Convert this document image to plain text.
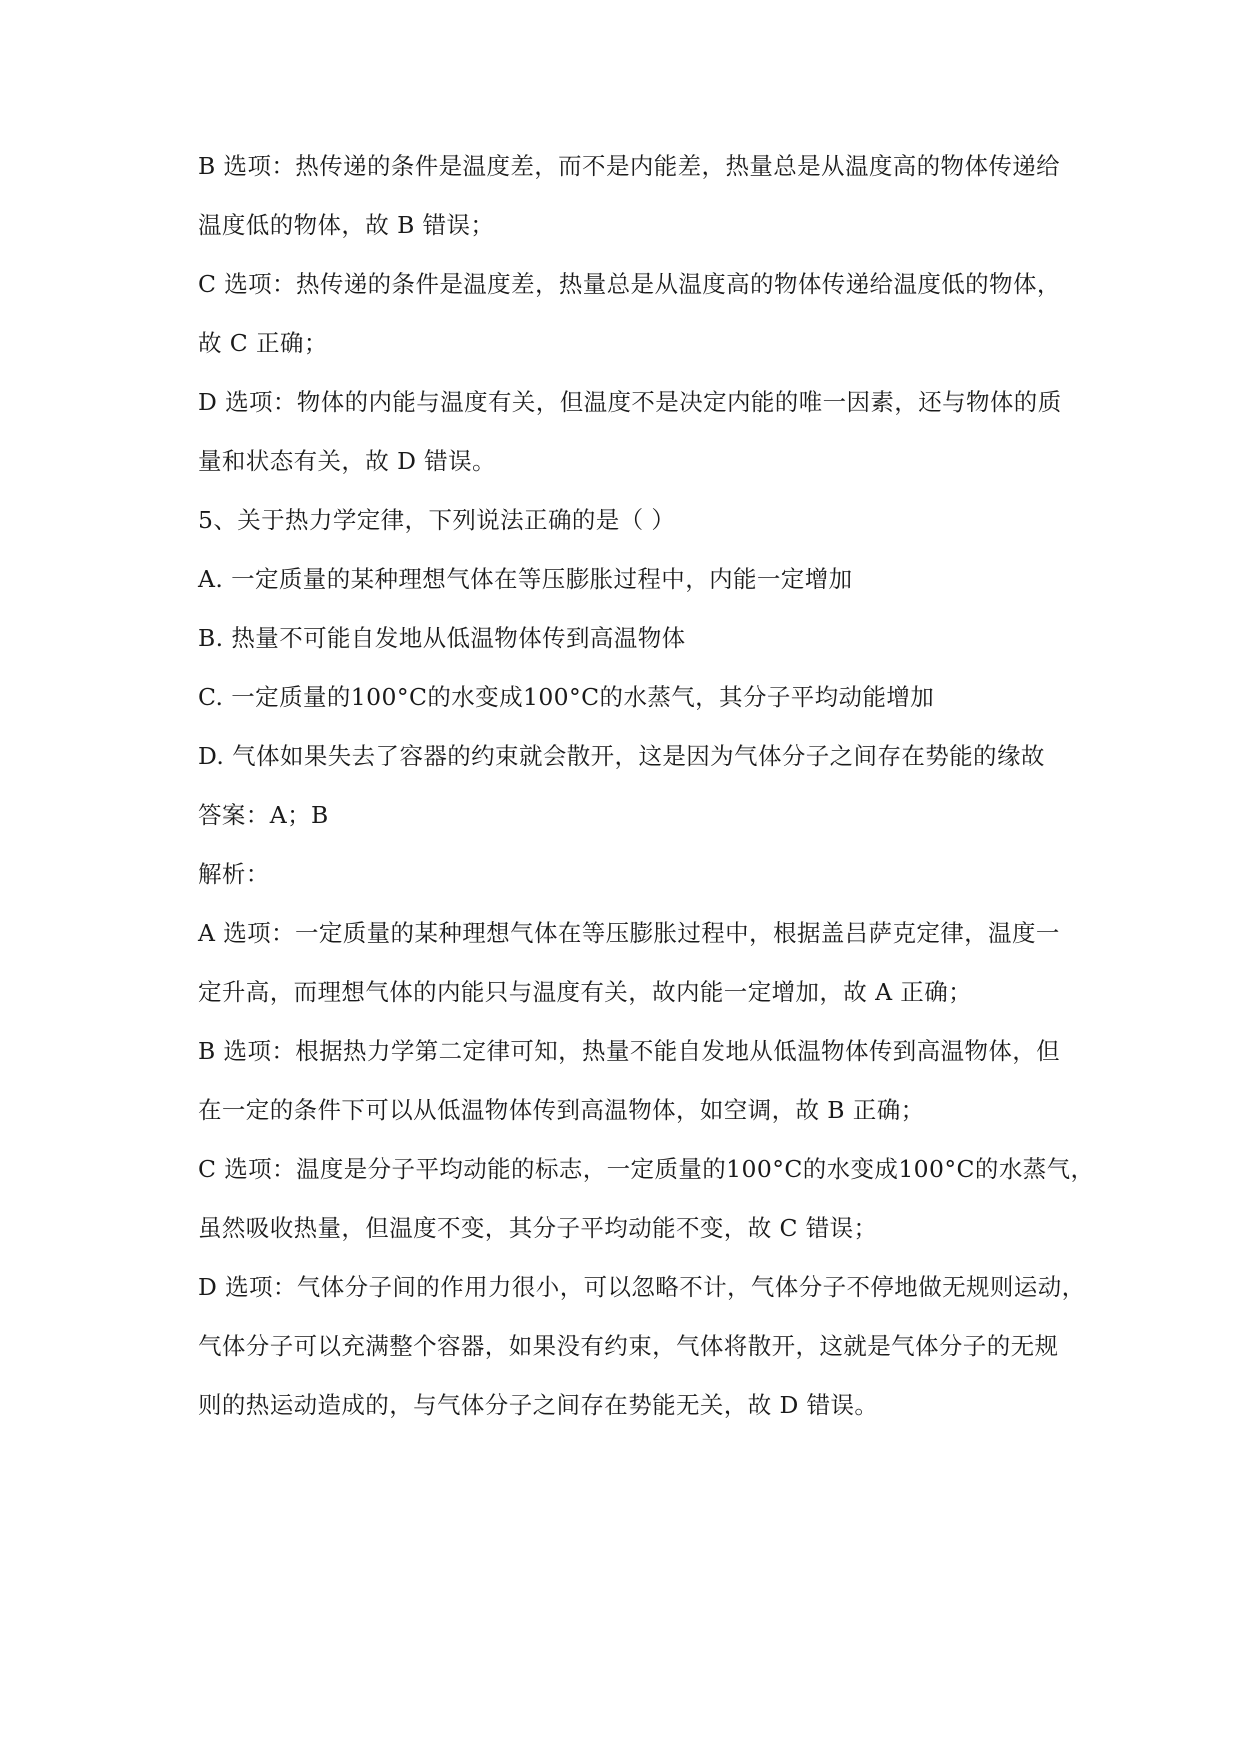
B 选项：热传递的条件是温度差，而不是内能差，热量总是从温度高的物体传递给
温度低的物体，故 B 错误；
C 选项：热传递的条件是温度差，热量总是从温度高的物体传递给温度低的物体，
故 C 正确；
D 选项：物体的内能与温度有关，但温度不是决定内能的唯一因素，还与物体的质
量和状态有关，故 D 错误。
5、关于热力学定律，下列说法正确的是（ ）
A. 一定质量的某种理想气体在等压膨胀过程中，内能一定增加
B. 热量不可能自发地从低温物体传到高温物体
C. 一定质量的100°C的水变成100°C的水蒸气，其分子平均动能增加
D. 气体如果失去了容器的约束就会散开，这是因为气体分子之间存在势能的缘故
答案：A；B
解析：
A 选项：一定质量的某种理想气体在等压膨胀过程中，根据盖吕萨克定律，温度一
定升高，而理想气体的内能只与温度有关，故内能一定增加，故 A 正确；
B 选项：根据热力学第二定律可知，热量不能自发地从低温物体传到高温物体，但
在一定的条件下可以从低温物体传到高温物体，如空调，故 B 正确；
C 选项：温度是分子平均动能的标志，一定质量的100°C的水变成100°C的水蒸气，
虽然吸收热量，但温度不变，其分子平均动能不变，故 C 错误；
D 选项：气体分子间的作用力很小，可以忽略不计，气体分子不停地做无规则运动，
气体分子可以充满整个容器，如果没有约束，气体将散开，这就是气体分子的无规
则的热运动造成的，与气体分子之间存在势能无关，故 D 错误。
